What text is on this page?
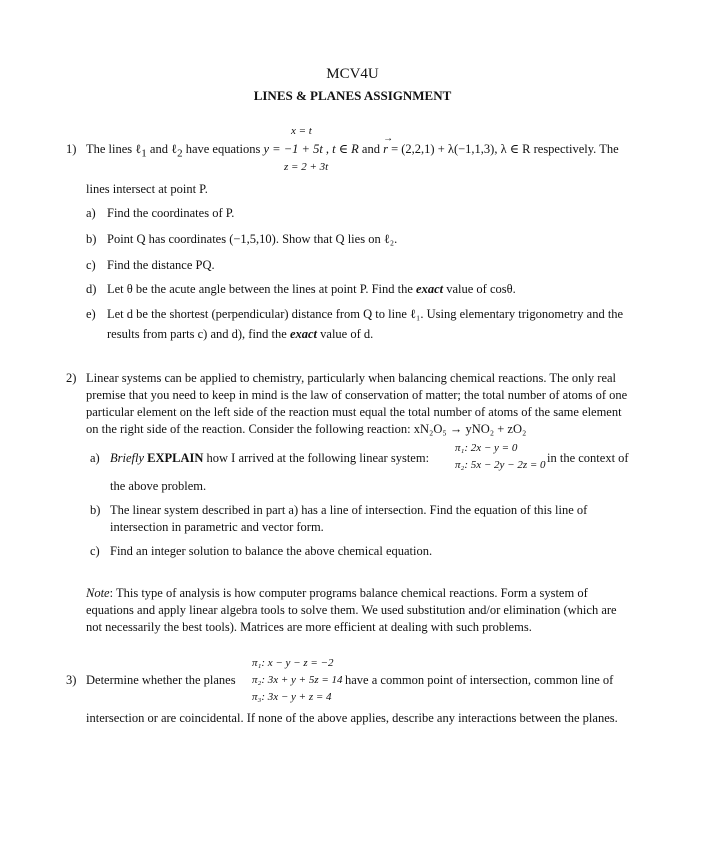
MCV4U
LINES & PLANES ASSIGNMENT
x = t
1) The lines ℓ$_1$ and ℓ$_2$ have equations y = −1 + 5t , t ∈ R and
→
r = (2,2,1) + λ(−1,1,3), λ ∈ R respectively. The
z = 2 + 3t
lines intersect at point P.
a) Find the coordinates of P.
b) Point Q has coordinates (−1,5,10). Show that Q lies on ℓ₂.
c) Find the distance PQ.
d) Let θ be the acute angle between the lines at point P. Find the exact value of cosθ.
e) Let d be the shortest (perpendicular) distance from Q to line ℓ₁. Using elementary trigonometry and the
results from parts c) and d), find the exact value of d.
2) Linear systems can be applied to chemistry, particularly when balancing chemical reactions. The only real
premise that you need to keep in mind is the law of conservation of matter; the total number of atoms of one
particular element on the left side of the reaction must equal the total number of atoms of the same element
on the right side of the reaction. Consider the following reaction: xN₂O₅ → yNO₂ + zO₂
π₁: 2x − y = 0
a) Briefly EXPLAIN how I arrived at the following linear system:	in the context of
π₂: 5x − 2y − 2z = 0
the above problem.
b) The linear system described in part a) has a line of intersection. Find the equation of this line of
intersection in parametric and vector form.
c) Find an integer solution to balance the above chemical equation.
Note: This type of analysis is how computer programs balance chemical reactions. Form a system of
equations and apply linear algebra tools to solve them. We used substitution and/or elimination (which are
not necessarily the best tools). Matrices are more efficient at dealing with such problems.
π₁: x − y − z = −2
3) Determine whether the planes π₂: 3x + y + 5z = 14 have a common point of intersection, common line of
π₃: 3x − y + z = 4
intersection or are coincidental. If none of the above applies, describe any interactions between the planes.
